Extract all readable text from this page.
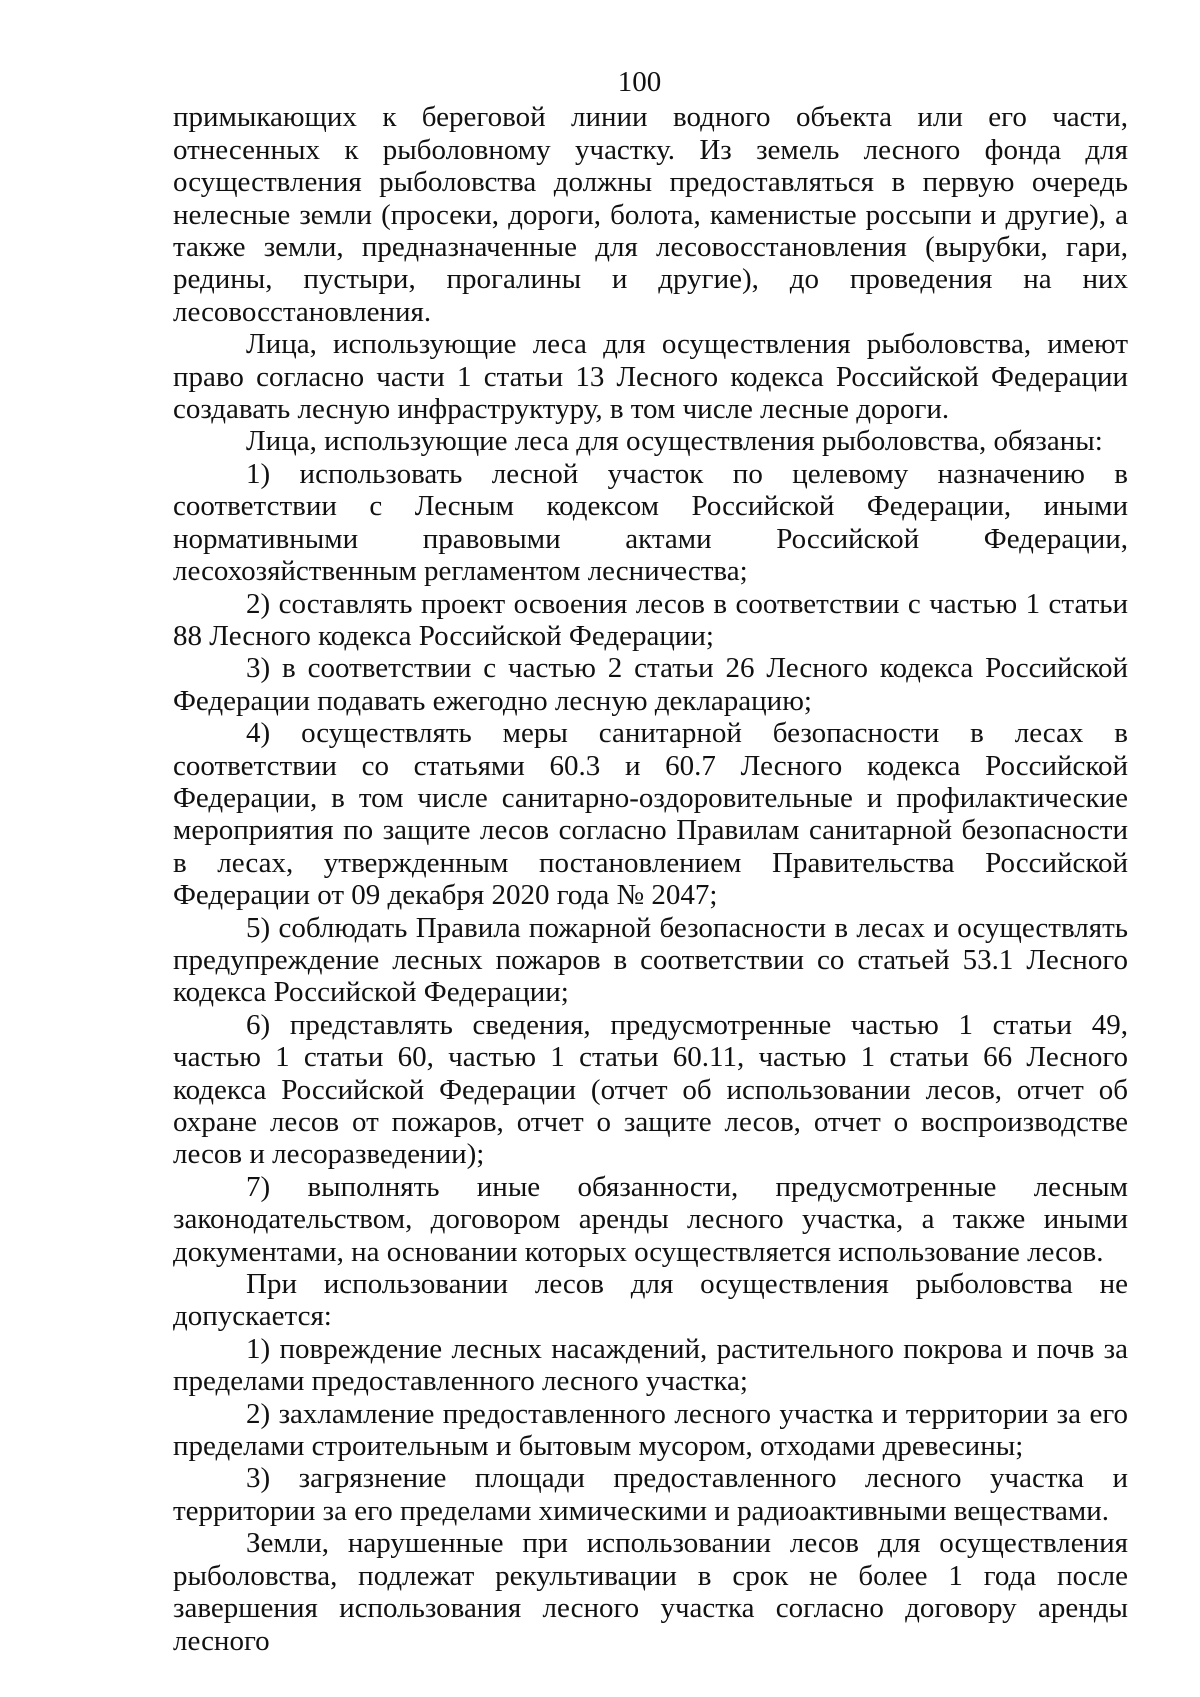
100

примыкающих к береговой линии водного объекта или его части, отнесенных к рыболовному участку. Из земель лесного фонда для осуществления рыболовства должны предоставляться в первую очередь нелесные земли (просеки, дороги, болота, каменистые россыпи и другие), а также земли, предназначенные для лесовосстановления (вырубки, гари, редины, пустыри, прогалины и другие), до проведения на них лесовосстановления.

Лица, использующие леса для осуществления рыболовства, имеют право согласно части 1 статьи 13 Лесного кодекса Российской Федерации создавать лесную инфраструктуру, в том числе лесные дороги.

Лица, использующие леса для осуществления рыболовства, обязаны:

1) использовать лесной участок по целевому назначению в соответствии с Лесным кодексом Российской Федерации, иными нормативными правовыми актами Российской Федерации, лесохозяйственным регламентом лесничества;

2) составлять проект освоения лесов в соответствии с частью 1 статьи 88 Лесного кодекса Российской Федерации;

3) в соответствии с частью 2 статьи 26 Лесного кодекса Российской Федерации подавать ежегодно лесную декларацию;

4) осуществлять меры санитарной безопасности в лесах в соответствии со статьями 60.3 и 60.7 Лесного кодекса Российской Федерации, в том числе санитарно-оздоровительные и профилактические мероприятия по защите лесов согласно Правилам санитарной безопасности в лесах, утвержденным постановлением Правительства Российской Федерации от 09 декабря 2020 года № 2047;

5) соблюдать Правила пожарной безопасности в лесах и осуществлять предупреждение лесных пожаров в соответствии со статьей 53.1 Лесного кодекса Российской Федерации;

6) представлять сведения, предусмотренные частью 1 статьи 49, частью 1 статьи 60, частью 1 статьи 60.11, частью 1 статьи 66 Лесного кодекса Российской Федерации (отчет об использовании лесов, отчет об охране лесов от пожаров, отчет о защите лесов, отчет о воспроизводстве лесов и лесоразведении);

7) выполнять иные обязанности, предусмотренные лесным законодательством, договором аренды лесного участка, а также иными документами, на основании которых осуществляется использование лесов.

При использовании лесов для осуществления рыболовства не допускается:

1) повреждение лесных насаждений, растительного покрова и почв за пределами предоставленного лесного участка;

2) захламление предоставленного лесного участка и территории за его пределами строительным и бытовым мусором, отходами древесины;

3) загрязнение площади предоставленного лесного участка и территории за его пределами химическими и радиоактивными веществами.

Земли, нарушенные при использовании лесов для осуществления рыболовства, подлежат рекультивации в срок не более 1 года после завершения использования лесного участка согласно договору аренды лесного
